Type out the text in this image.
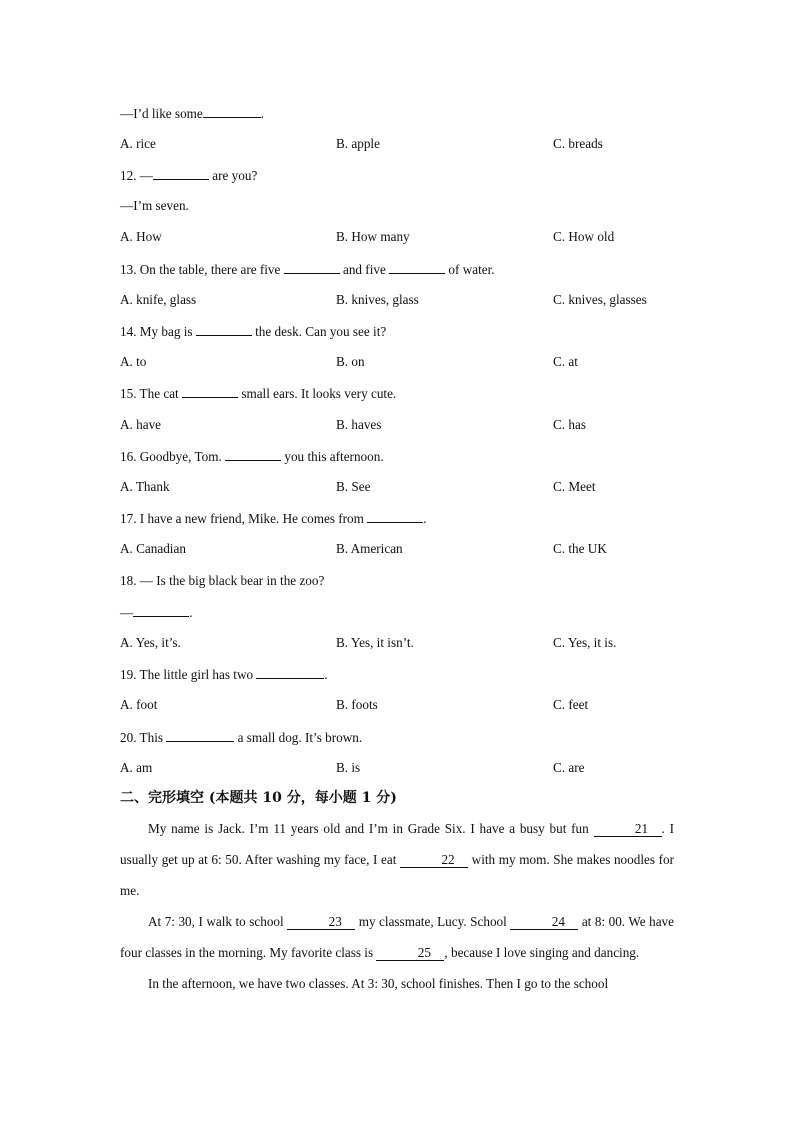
—I’d like some	.
A. rice	B. apple	C. breads
12. —	are you?
—I’m seven.
A. How	B. How many	C. How old
13. On the table, there are five	and five	of water.
A. knife, glass	B. knives, glass	C. knives, glasses
14. My bag is	the desk. Can you see it?
A. to	B. on	C. at
15. The cat	small ears. It looks very cute.
A. have	B. haves	C. has
16. Goodbye, Tom.	you this afternoon.
A. Thank	B. See	C. Meet
17. I have a new friend, Mike. He comes from	.
A. Canadian	B. American	C. the UK
18. — Is the big black bear in the zoo?
—	.
A. Yes, it’s.	B. Yes, it isn’t.	C. Yes, it is.
19. The little girl has two	.
A. foot	B. foots	C. feet
20. This	a small dog. It’s brown.
A. am	B. is	C. are
二、完形填空 (本题共 10 分，每小题 1 分)

My name is Jack. I’m 11 years old and I’m in Grade Six. I have a busy but fun	21 . I usually get up at 6: 50. After washing my face, I eat	22 with my mom. She makes noodles for me.

At 7: 30, I walk to school	23 my classmate, Lucy. School	24 at 8: 00. We have four classes in the morning. My favorite class is	25 , because I love singing and dancing.

In the afternoon, we have two classes. At 3: 30, school finishes. Then I go to the school
